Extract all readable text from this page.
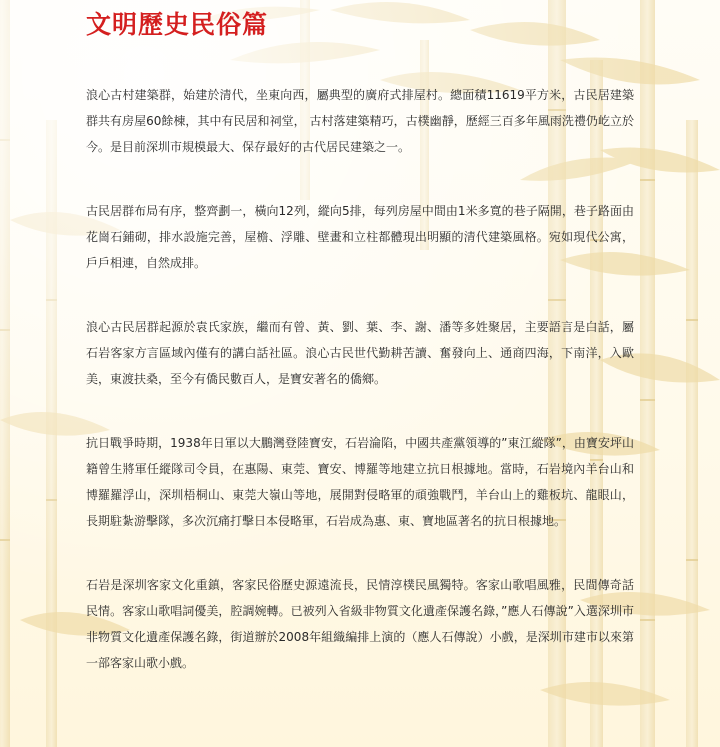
文明歷史民俗篇

浪心古村建築群，始建於清代，坐東向西，屬典型的廣府式排屋村。總面積11619平方米，古民居建築群共有房屋60餘棟，其中有民居和祠堂， 古村落建築精巧，古樸幽靜，歷經三百多年風雨洗禮仍屹立於今。是目前深圳市規模最大、保存最好的古代居民建築之一。

古民居群布局有序，整齊劃一，橫向12列，縱向5排，每列房屋中間由1米多寬的巷子隔開，巷子路面由花崗石鋪砌，排水設施完善，屋檐、浮雕、壁畫和立柱都體現出明顯的清代建築風格。宛如現代公寓，戶戶相連，自然成排。

浪心古民居群起源於袁氏家族，繼而有曾、黃、劉、葉、李、謝、潘等多姓聚居，主要語言是白話，屬石岩客家方言區域內僅有的講白話社區。浪心古民世代勤耕苦讀、奮發向上、通商四海，下南洋，入歐美，東渡扶桑，至今有僑民數百人，是寶安著名的僑鄉。

抗日戰爭時期，1938年日軍以大鵬灣登陸寶安，石岩淪陷，中國共產黨領導的”東江縱隊”，由寶安坪山籍曾生將軍任縱隊司令員，在惠陽、東莞、寶安、博羅等地建立抗日根據地。當時，石岩境內羊台山和博羅羅浮山，深圳梧桐山、東莞大嶺山等地，展開對侵略軍的頑強戰鬥，羊台山上的雞板坑、龍眼山，長期駐紮游擊隊，多次沉痛打擊日本侵略軍，石岩成為惠、東、寶地區著名的抗日根據地。

石岩是深圳客家文化重鎮，客家民俗歷史源遠流長，民情淳樸民風獨特。客家山歌唱風雅，民間傳奇話民情。客家山歌唱詞優美，腔調婉轉。已被列入省級非物質文化遺產保護名錄，”應人石傳說”入選深圳市非物質文化遺產保護名錄，街道辦於2008年組織編排上演的（應人石傳說）小戲，是深圳市建市以來第一部客家山歌小戲。
